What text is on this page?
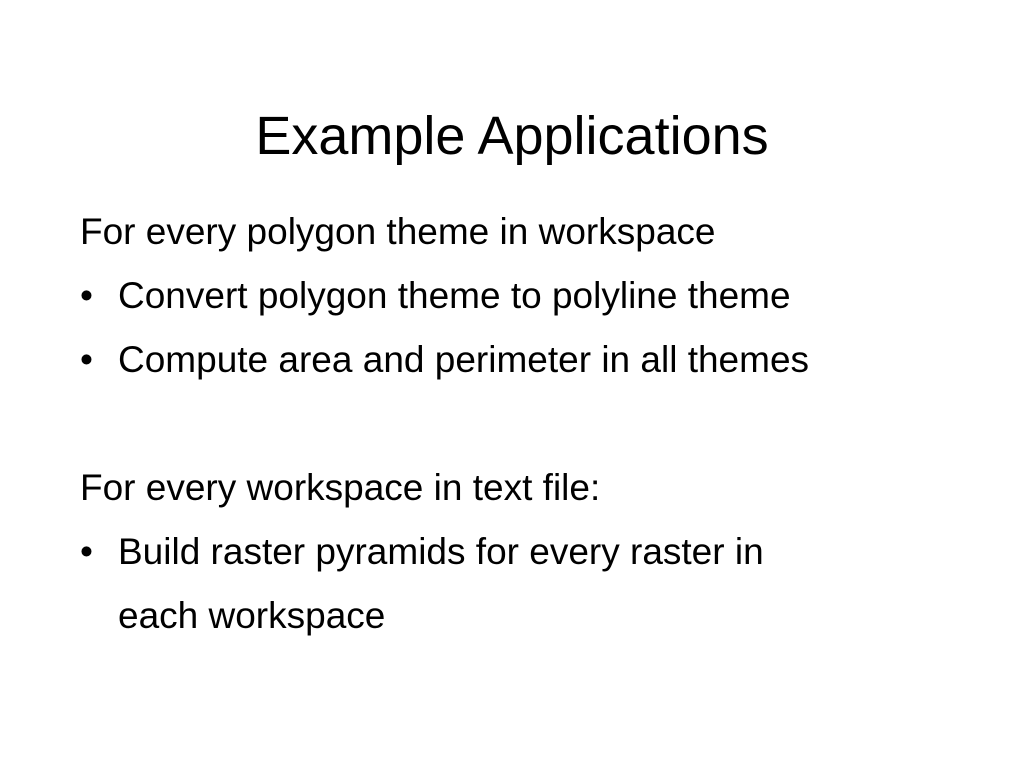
Example Applications
For every polygon theme in workspace
• Convert polygon theme to polyline theme
• Compute area and perimeter in all themes
For every workspace in text file:
• Build raster pyramids for every raster in
each workspace
